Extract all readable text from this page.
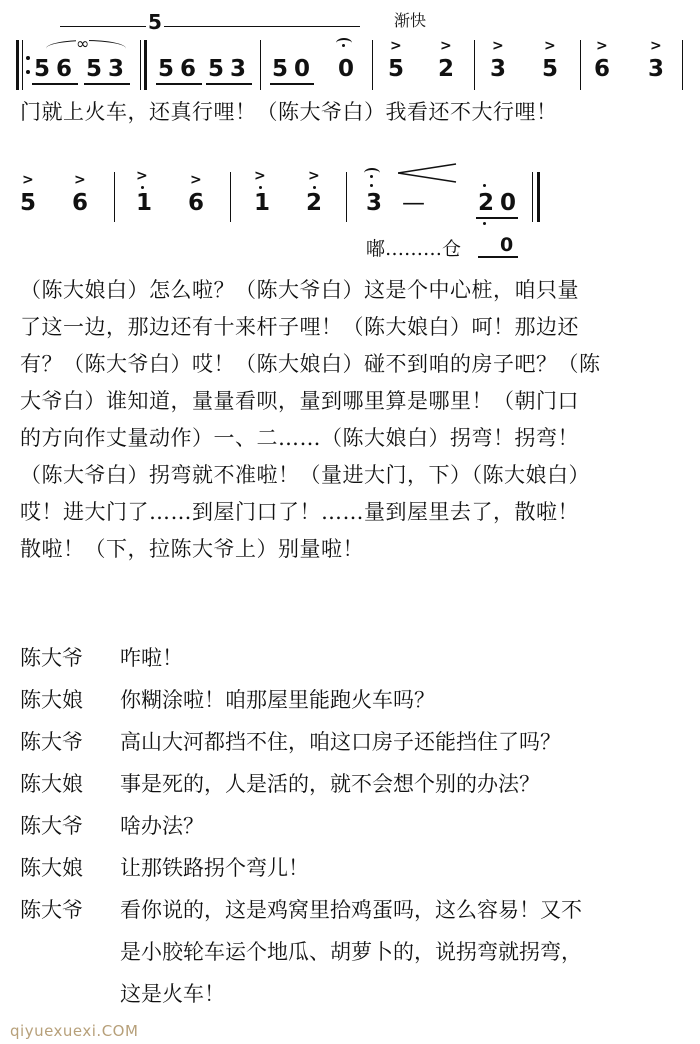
5	渐快
∞
5 6 5 3 5 6 5 3 5 0 0
>	>
5 2
>	>
3 5
>	>
6 3
门就上火车，还真行哩！（陈大爷白）我看还不大行哩！
>	>
5 6
>	>
1 6
>	>
1 2 3 — 2 0
嘟………仓 0
（陈大娘白）怎么啦？（陈大爷白）这是个中心桩，咱只量
了这一边，那边还有十来杆子哩！（陈大娘白）呵！那边还
有？（陈大爷白）哎！（陈大娘白）碰不到咱的房子吧？（陈
大爷白）谁知道，量量看呗，量到哪里算是哪里！（朝门口
的方向作丈量动作）一、二……（陈大娘白）拐弯！拐弯！
（陈大爷白）拐弯就不准啦！（量进大门，下）（陈大娘白）
哎！进大门了……到屋门口了！……量到屋里去了，散啦！
散啦！（下，拉陈大爷上）别量啦！
陈大爷	咋啦！
陈大娘	你糊涂啦！咱那屋里能跑火车吗？
陈大爷	高山大河都挡不住，咱这口房子还能挡住了吗？
陈大娘	事是死的，人是活的，就不会想个别的办法？
陈大爷	啥办法？
陈大娘	让那铁路拐个弯儿！
陈大爷	看你说的，这是鸡窝里拾鸡蛋吗，这么容易！又不
是小胶轮车运个地瓜、胡萝卜的，说拐弯就拐弯，
这是火车！
qiyuexuexi.COM
